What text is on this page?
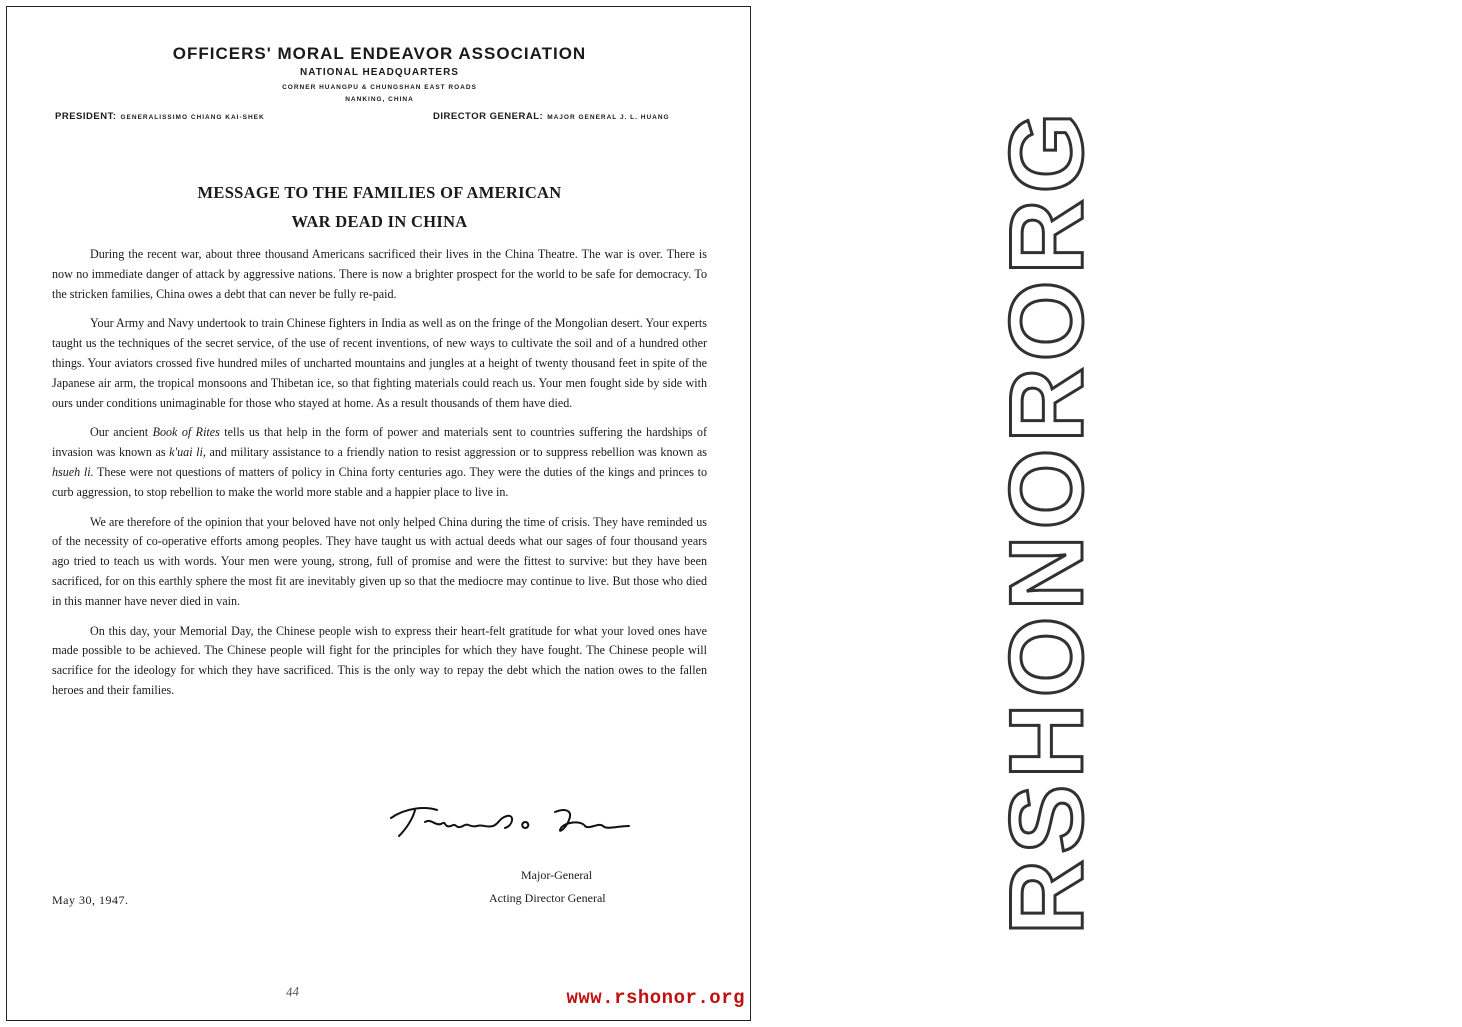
OFFICERS' MORAL ENDEAVOR ASSOCIATION
NATIONAL HEADQUARTERS
CORNER HUANGPU & CHUNGSHAN EAST ROADS
NANKING, CHINA
PRESIDENT: GENERALISSIMO CHIANG KAI-SHEK	DIRECTOR GENERAL: MAJOR GENERAL J. L. HUANG
MESSAGE TO THE FAMILIES OF AMERICAN
WAR DEAD IN CHINA

During the recent war, about three thousand Americans sacrificed their lives in the China Theatre. The war is over. There is now no immediate danger of attack by aggressive nations. There is now a brighter prospect for the world to be safe for democracy. To the stricken families, China owes a debt that can never be fully re-paid.

Your Army and Navy undertook to train Chinese fighters in India as well as on the fringe of the Mongolian desert. Your experts taught us the techniques of the secret service, of the use of recent inventions, of new ways to cultivate the soil and of a hundred other things. Your aviators crossed five hundred miles of uncharted mountains and jungles at a height of twenty thousand feet in spite of the Japanese air arm, the tropical monsoons and Thibetan ice, so that fighting materials could reach us. Your men fought side by side with ours under conditions unimaginable for those who stayed at home. As a result thousands of them have died.

Our ancient Book of Rites tells us that help in the form of power and materials sent to countries suffering the hardships of invasion was known as k'uai li, and military assistance to a friendly nation to resist aggression or to suppress rebellion was known as hsueh li. These were not questions of matters of policy in China forty centuries ago. They were the duties of the kings and princes to curb aggression, to stop rebellion to make the world more stable and a happier place to live in.

We are therefore of the opinion that your beloved have not only helped China during the time of crisis. They have reminded us of the necessity of co-operative efforts among peoples. They have taught us with actual deeds what our sages of four thousand years ago tried to teach us with words. Your men were young, strong, full of promise and were the fittest to survive: but they have been sacrificed, for on this earthly sphere the most fit are inevitably given up so that the mediocre may continue to live. But those who died in this manner have never died in vain.

On this day, your Memorial Day, the Chinese people wish to express their heart-felt gratitude for what your loved ones have made possible to be achieved. The Chinese people will fight for the principles for which they have fought. The Chinese people will sacrifice for the ideology for which they have sacrificed. This is the only way to repay the debt which the nation owes to the fallen heroes and their families.

Major-General
Acting Director General
May 30, 1947.
44
RSHONORORG
www.rshonor.org
